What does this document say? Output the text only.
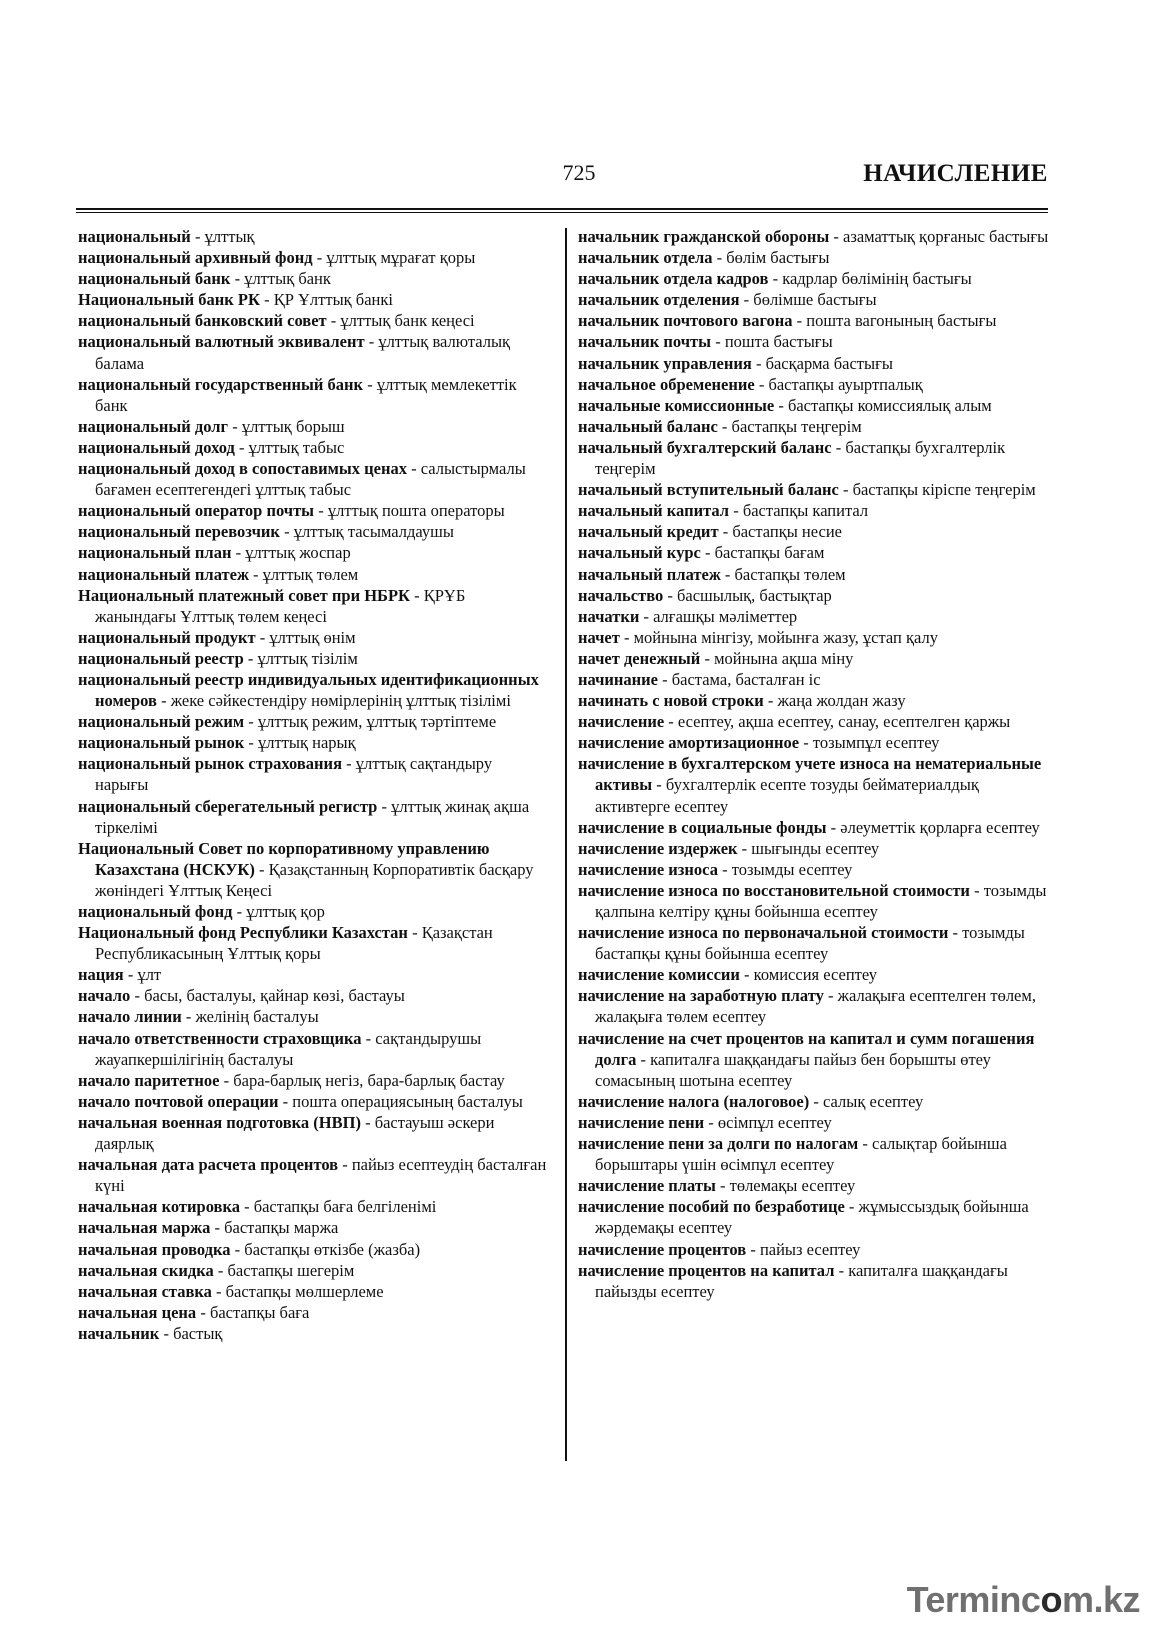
725	НАЧИСЛЕНИЕ

национальный - ұлттық

национальный архивный фонд - ұлттық мұрағат қоры

национальный банк - ұлттық банк

Национальный банк РК - ҚР Ұлттық банкі

национальный банковский совет - ұлттық банк кеңесі

национальный валютный эквивалент - ұлттық валюталық балама

национальный государственный банк - ұлттық мемлекеттік банк

национальный долг - ұлттық борыш

национальный доход - ұлттық табыс

национальный доход в сопоставимых ценах - салыстырмалы бағамен есептегендегі ұлттық табыс

национальный оператор почты - ұлттық пошта операторы

национальный перевозчик - ұлттық тасымалдаушы

национальный план - ұлттық жоспар

национальный платеж - ұлттық төлем

Национальный платежный совет при НБРК - ҚРҰБ жанындағы Ұлттық төлем кеңесі

национальный продукт - ұлттық өнім

национальный реестр - ұлттық тізілім

национальный реестр индивидуальных идентификационных номеров - жеке сәйкестендіру нөмірлерінің ұлттық тізілімі

национальный режим - ұлттық режим, ұлттық тәртіптеме

национальный рынок - ұлттық нарық

национальный рынок страхования - ұлттық сақтандыру нарығы

национальный сберегательный регистр - ұлттық жинақ ақша тіркелімі

Национальный Совет по корпоративному управлению Казахстана (НСКУК) - Қазақстанның Корпоративтік басқару жөніндегі Ұлттық Кеңесі

национальный фонд - ұлттық қор

Национальный фонд Республики Казахстан - Қазақстан Республикасының Ұлттық қоры

нация - ұлт

начало - басы, басталуы, қайнар көзі, бастауы

начало линии - желінің басталуы

начало ответственности страховщика - сақтандырушы жауапкершілігінің басталуы

начало паритетное - бара-барлық негіз, бара-барлық бастау

начало почтовой операции - пошта операциясының басталуы

начальная военная подготовка (НВП) - бастауыш әскери даярлық

начальная дата расчета процентов - пайыз есептеудің басталған күні

начальная котировка - бастапқы баға белгіленімі

начальная маржа - бастапқы маржа

начальная проводка - бастапқы өткізбе (жазба)

начальная скидка - бастапқы шегерім

начальная ставка - бастапқы мөлшерлеме

начальная цена - бастапқы баға

начальник - бастық

начальник гражданской обороны - азаматтық қорғаныс бастығы

начальник отдела - бөлім бастығы

начальник отдела кадров - кадрлар бөлімінің бастығы

начальник отделения - бөлімше бастығы

начальник почтового вагона - пошта вагонының бастығы

начальник почты - пошта бастығы

начальник управления - басқарма бастығы

начальное обременение - бастапқы ауыртпалық

начальные комиссионные - бастапқы комиссиялық алым

начальный баланс - бастапқы теңгерім

начальный бухгалтерский баланс - бастапқы бухгалтерлік теңгерім

начальный вступительный баланс - бастапқы кіріспе теңгерім

начальный капитал - бастапқы капитал

начальный кредит - бастапқы несие

начальный курс - бастапқы бағам

начальный платеж - бастапқы төлем

начальство - басшылық, бастықтар

начатки - алғашқы мәліметтер

начет - мойнына мінгізу, мойынға жазу, ұстап қалу

начет денежный - мойнына ақша міну

начинание - бастама, басталған іс

начинать с новой строки - жаңа жолдан жазу

начисление - есептеу, ақша есептеу, санау, есептелген қаржы

начисление амортизационное - тозымпұл есептеу

начисление в бухгалтерском учете износа на нематериальные активы - бухгалтерлік есепте тозуды бейматериалдық активтерге есептеу

начисление в социальные фонды - әлеуметтік қорларға есептеу

начисление издержек - шығынды есептеу

начисление износа - тозымды есептеу

начисление износа по восстановительной стоимости - тозымды қалпына келтіру құны бойынша есептеу

начисление износа по первоначальной стоимости - тозымды бастапқы құны бойынша есептеу

начисление комиссии - комиссия есептеу

начисление на заработную плату - жалақыға есептелген төлем, жалақыға төлем есептеу

начисление на счет процентов на капитал и сумм погашения долга - капиталға шаққандағы пайыз бен борышты өтеу сомасының шотына есептеу

начисление налога (налоговое) - салық есептеу

начисление пени - өсімпұл есептеу

начисление пени за долги по налогам - салықтар бойынша борыштары үшін өсімпұл есептеу

начисление платы - төлемақы есептеу

начисление пособий по безработице - жұмыссыздық бойынша жәрдемақы есептеу

начисление процентов - пайыз есептеу

начисление процентов на капитал - капиталға шаққандағы пайызды есептеу

Termincom.kz
